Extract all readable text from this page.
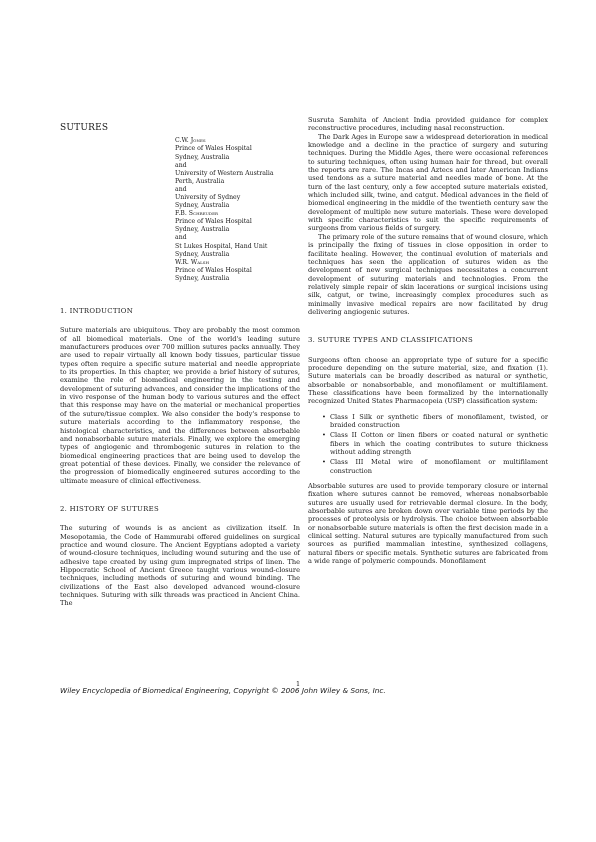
SUTURES
C.W. Jones
Prince of Wales Hospital
Sydney, Australia
and
University of Western Australia
Perth, Australia
and
University of Sydney
Sydney, Australia
F.B. Schreuder
Prince of Wales Hospital
Sydney, Australia
and
St Lukes Hospital, Hand Unit
Sydney, Australia
W.R. Walsh
Prince of Wales Hospital
Sydney, Australia
1. INTRODUCTION

Suture materials are ubiquitous. They are probably the most common of all biomedical materials. One of the world's leading suture manufacturers produces over 700 million sutures packs annually. They are used to repair virtually all known body tissues, particular tissue types often require a specific suture material and needle appropriate to its properties. In this chapter, we provide a brief history of sutures, examine the role of biomedical engineering in the testing and development of suturing advances, and consider the implications of the in vivo response of the human body to various sutures and the effect that this response may have on the material or mechanical properties of the suture/tissue complex. We also consider the body's response to suture materials according to the inflammatory response, the histological characteristics, and the differences between absorbable and nonabsorbable suture materials. Finally, we explore the emerging types of angiogenic and thrombogenic sutures in relation to the biomedical engineering practices that are being used to develop the great potential of these devices. Finally, we consider the relevance of the progression of biomedically engineered sutures according to the ultimate measure of clinical effectiveness.

2. HISTORY OF SUTURES

The suturing of wounds is as ancient as civilization itself. In Mesopotamia, the Code of Hammurabi offered guidelines on surgical practice and wound closure. The Ancient Egyptians adopted a variety of wound-closure techniques, including wound suturing and the use of adhesive tape created by using gum impregnated strips of linen. The Hippocratic School of Ancient Greece taught various wound-closure techniques, including methods of suturing and wound binding. The civilizations of the East also developed advanced wound-closure techniques. Suturing with silk threads was practiced in Ancient China. The

Susruta Samhita of Ancient India provided guidance for complex reconstructive procedures, including nasal reconstruction.

The Dark Ages in Europe saw a widespread deterioration in medical knowledge and a decline in the practice of surgery and suturing techniques. During the Middle Ages, there were occasional references to suturing techniques, often using human hair for thread, but overall the reports are rare. The Incas and Aztecs and later American Indians used tendons as a suture material and needles made of bone. At the turn of the last century, only a few accepted suture materials existed, which included silk, twine, and catgut. Medical advances in the field of biomedical engineering in the middle of the twentieth century saw the development of multiple new suture materials. These were developed with specific characteristics to suit the specific requirements of surgeons from various fields of surgery.

The primary role of the suture remains that of wound closure, which is principally the fixing of tissues in close opposition in order to facilitate healing. However, the continual evolution of materials and techniques has seen the application of sutures widen as the development of new surgical techniques necessitates a concurrent development of suturing materials and technologies. From the relatively simple repair of skin lacerations or surgical incisions using silk, catgut, or twine, increasingly complex procedures such as minimally invasive medical repairs are now facilitated by drug delivering angiogenic sutures.

3. SUTURE TYPES AND CLASSIFICATIONS

Surgeons often choose an appropriate type of suture for a specific procedure depending on the suture material, size, and fixation (1). Suture materials can be broadly described as natural or synthetic, absorbable or nonabsorbable, and monofilament or multifilament. These classifications have been formalized by the internationally recognized United States Pharmacopeia (USP) classification system:

• Class I Silk or synthetic fibers of monofilament, twisted, or braided construction
• Class II Cotton or linen fibers or coated natural or synthetic fibers in which the coating contributes to suture thickness without adding strength
• Class III Metal wire of monofilament or multifilament construction

Absorbable sutures are used to provide temporary closure or internal fixation where sutures cannot be removed, whereas nonabsorbable sutures are usually used for retrievable dermal closure. In the body, absorbable sutures are broken down over variable time periods by the processes of proteolysis or hydrolysis. The choice between absorbable or nonabsorbable suture materials is often the first decision made in a clinical setting. Natural sutures are typically manufactured from such sources as purified mammalian intestine, synthesized collagens, natural fibers or specific metals. Synthetic sutures are fabricated from a wide range of polymeric compounds. Monofilament

1
Wiley Encyclopedia of Biomedical Engineering, Copyright © 2006 John Wiley & Sons, Inc.
